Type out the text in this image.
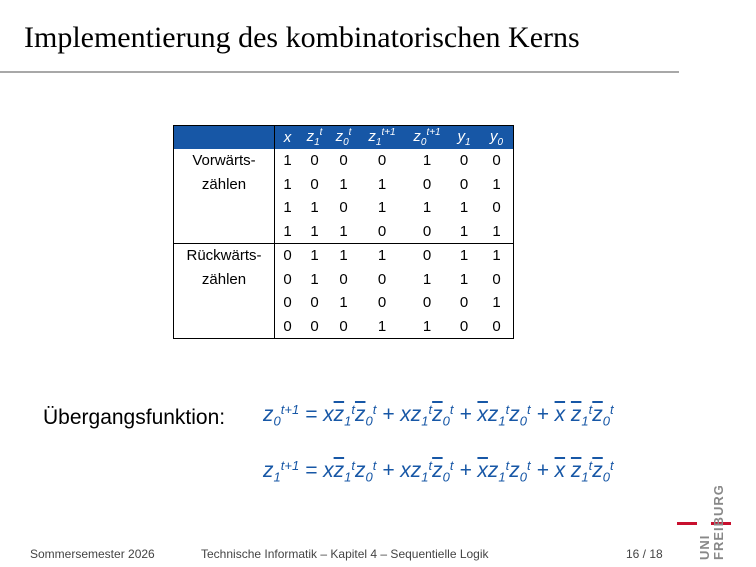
Implementierung des kombinatorischen Kerns
	x	$z_1^t$	$z_0^t$	$z_1^{t+1}$	$z_0^{t+1}$	$y_1$	$y_0$
Vorwärts-	1	0	0	0	1	0	0
zählen	1	0	1	1	0	0	1
	1	1	0	1	1	1	0
	1	1	1	0	0	1	1
Rückwärts-	0	1	1	1	0	1	1
zählen	0	1	0	0	1	1	0
	0	0	1	0	0	0	1
	0	0	0	1	1	0	0
Übergangsfunktion: $z_0^{t+1} = x\overline{z}_1^t\overline{z}_0^t + xz_1^t\overline{z}_0^t + \overline{x}z_1^tz_0^t + \overline{x}$ $\overline{z}_1^t\overline{z}_0^t$
$z_1^{t+1} = x\overline{z}_1^tz_0^t + xz_1^t\overline{z}_0^t + \overline{x}z_1^tz_0^t + \overline{x}$ $\overline{z}_1^t\overline{z}_0^t$
Sommersemester 2026	Technische Informatik – Kapitel 4 – Sequentielle Logik	16 / 18	UNI FREIBURG
